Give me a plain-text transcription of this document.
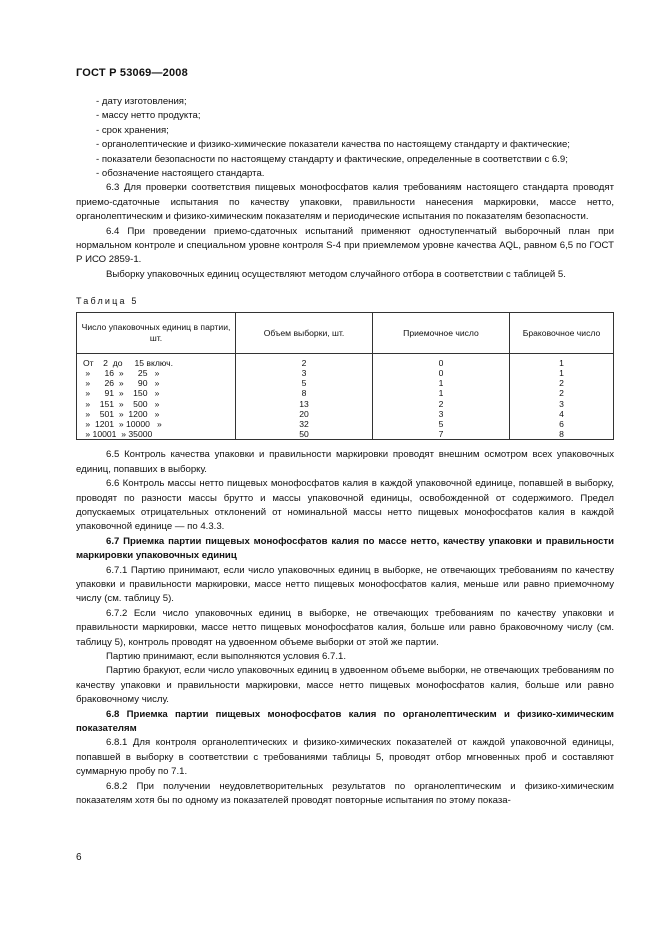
ГОСТ Р 53069—2008

- дату изготовления;

- массу нетто продукта;

- срок хранения;

- органолептические и физико-химические показатели качества по настоящему стандарту и фактические;

- показатели безопасности по настоящему стандарту и фактические, определенные в соответствии с 6.9;

- обозначение настоящего стандарта.

6.3 Для проверки соответствия пищевых монофосфатов калия требованиям настоящего стандарта проводят приемо-сдаточные испытания по качеству упаковки, правильности нанесения маркировки, массе нетто, органолептическим и физико-химическим показателям и периодические испытания по показателям безопасности.

6.4 При проведении приемо-сдаточных испытаний применяют одноступенчатый выборочный план при нормальном контроле и специальном уровне контроля S-4 при приемлемом уровне качества AQL, равном 6,5 по ГОСТ Р ИСО 2859-1.

Выборку упаковочных единиц осуществляют методом случайного отбора в соответствии с таблицей 5.

Таблица 5
Число упаковочных единиц в партии, шт.	Объем выборки, шт.	Приемочное число	Браковочное число
От    2  до     15 включ.	2	0	1
»      16  »      25   »	3	0	1
»      26  »      90   »	5	1	2
»      91  »    150   »	8	1	2
»    151  »    500   »	13	2	3
»    501  »  1200   »	20	3	4
»  1201  » 10000   »	32	5	6
» 10001  » 35000	50	7	8

6.5 Контроль качества упаковки и правильности маркировки проводят внешним осмотром всех упаковочных единиц, попавших в выборку.

6.6 Контроль массы нетто пищевых монофосфатов калия в каждой упаковочной единице, попавшей в выборку, проводят по разности массы брутто и массы упаковочной единицы, освобожденной от содержимого. Предел допускаемых отрицательных отклонений от номинальной массы нетто пищевых монофосфатов калия в каждой упаковочной единице — по 4.3.3.

6.7 Приемка партии пищевых монофосфатов калия по массе нетто, качеству упаковки и правильности маркировки упаковочных единиц

6.7.1 Партию принимают, если число упаковочных единиц в выборке, не отвечающих требованиям по качеству упаковки и правильности маркировки, массе нетто пищевых монофосфатов калия, меньше или равно приемочному числу (см. таблицу 5).

6.7.2 Если число упаковочных единиц в выборке, не отвечающих требованиям по качеству упаковки и правильности маркировки, массе нетто пищевых монофосфатов калия, больше или равно браковочному числу (см. таблицу 5), контроль проводят на удвоенном объеме выборки от этой же партии.

Партию принимают, если выполняются условия 6.7.1.

Партию бракуют, если число упаковочных единиц в удвоенном объеме выборки, не отвечающих требованиям по качеству упаковки и правильности маркировки, массе нетто пищевых монофосфатов калия, больше или равно браковочному числу.

6.8 Приемка партии пищевых монофосфатов калия по органолептическим и физико-химическим показателям

6.8.1 Для контроля органолептических и физико-химических показателей от каждой упаковочной единицы, попавшей в выборку в соответствии с требованиями таблицы 5, проводят отбор мгновенных проб и составляют суммарную пробу по 7.1.

6.8.2 При получении неудовлетворительных результатов по органолептическим и физико-химическим показателям хотя бы по одному из показателей проводят повторные испытания по этому показа-

6
